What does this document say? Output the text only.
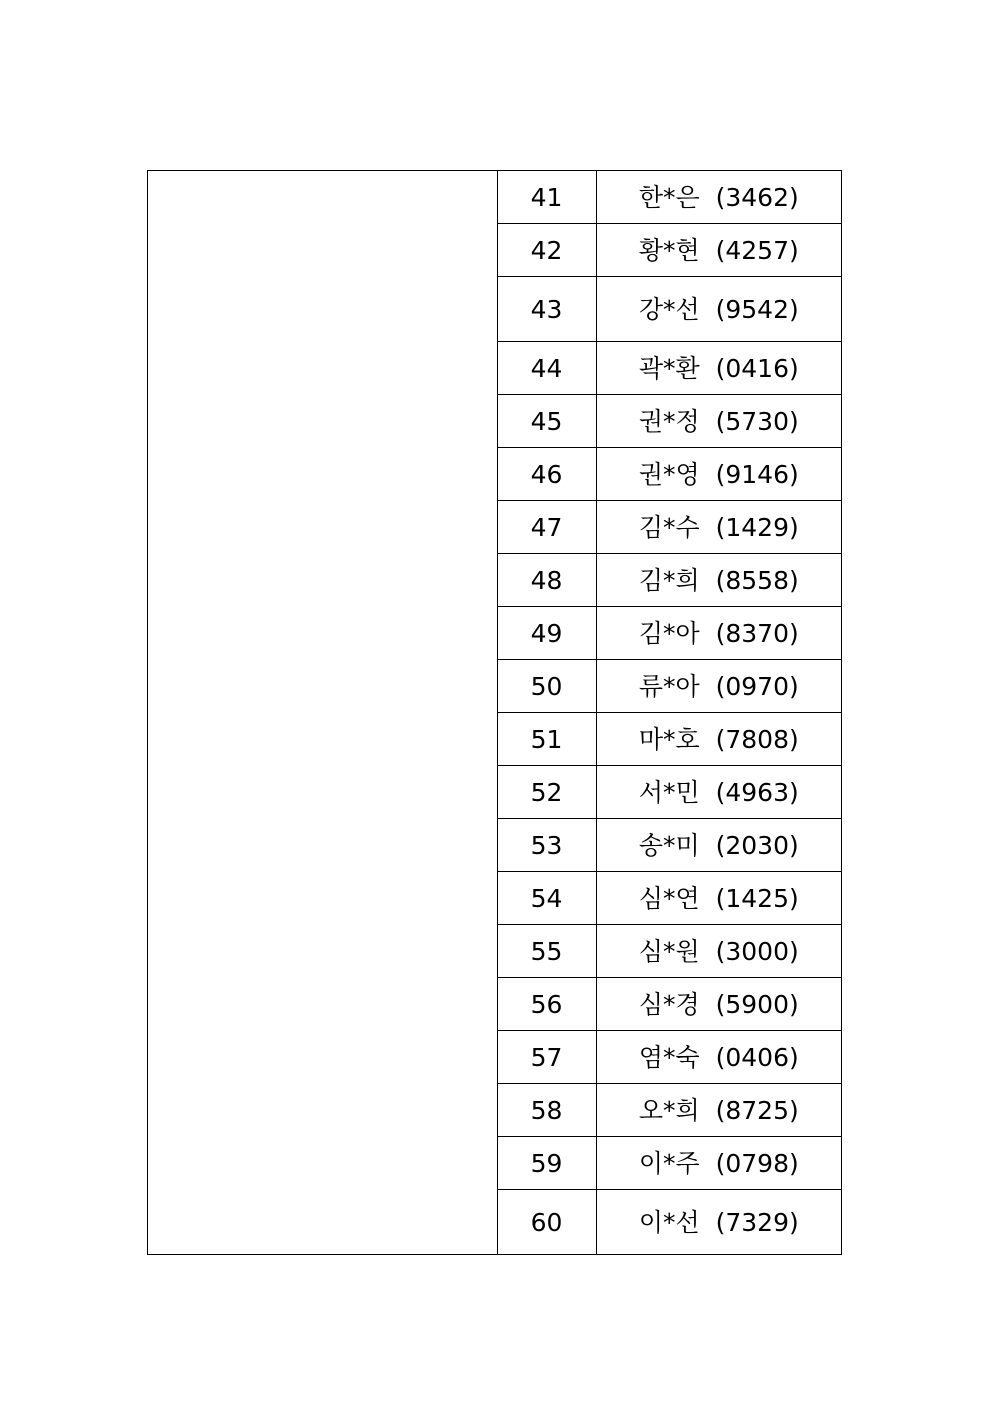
	41	한*은  (3462)
	42	황*현  (4257)
	43	강*선  (9542)
	44	곽*환  (0416)
	45	권*정  (5730)
	46	권*영  (9146)
	47	김*수  (1429)
	48	김*희  (8558)
	49	김*아  (8370)
	50	류*아  (0970)
	51	마*호  (7808)
	52	서*민  (4963)
	53	송*미  (2030)
	54	심*연  (1425)
	55	심*원  (3000)
	56	심*경  (5900)
	57	염*숙  (0406)
	58	오*희  (8725)
	59	이*주  (0798)
	60	이*선  (7329)
